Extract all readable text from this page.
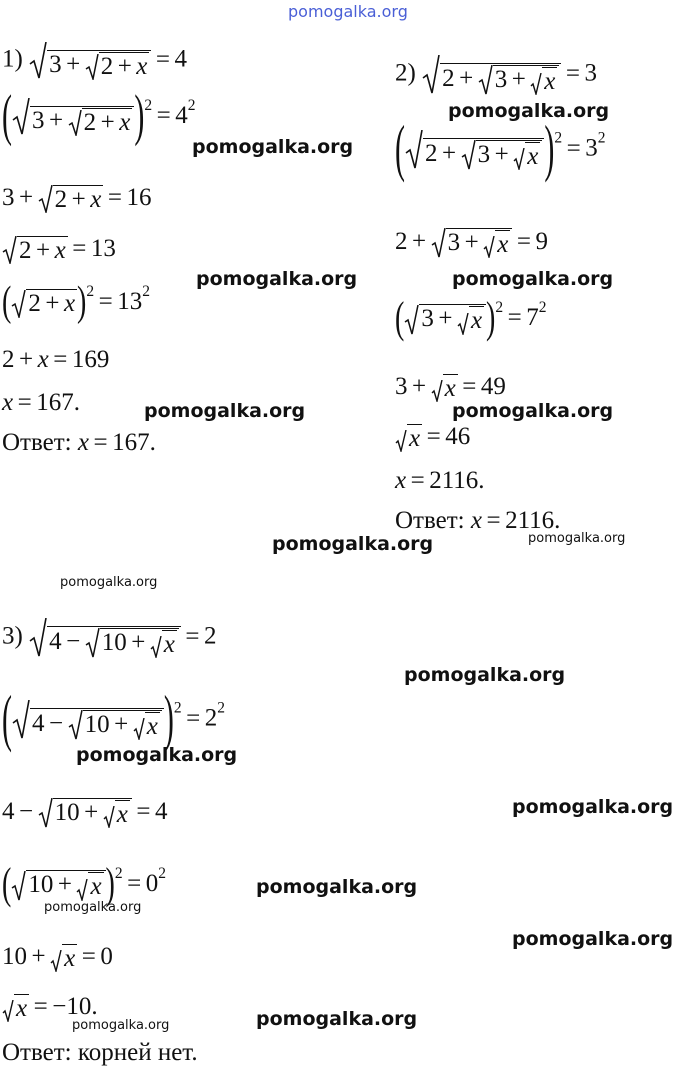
pomogalka.org
1) 3 + 2 + x = 4
( 3 + 2 + x )$^2 = 4^2$
3 + 2 + x = 16
2 + x = 13
( 2 + x )$^2 = 13^2$
2 + x = 169
x = 167.
Ответ: x = 167.
2) 2 + 3 + x = 3
( 2 + 3 + x )$^2 = 3^2$
2 + 3 + x = 9
( 3 + x )$^2 = 7^2$
3 + x = 49
x = 46
x = 2116.
Ответ: x = 2116.
3) 4 − 10 + x = 2
( 4 − 10 + x )$^2 = 2^2$
4 − 10 + x = 4
( 10 + x )$^2 = 0^2$
10 + x = 0
x = −10.
Ответ: корней нет.
pomogalka.org
pomogalka.org
pomogalka.org	pomogalka.org
pomogalka.org	pomogalka.org
pomogalka.org	pomogalka.org
pomogalka.org
pomogalka.org
pomogalka.org
pomogalka.org
pomogalka.org
pomogalka.org
pomogalka.org
pomogalka.org
pomogalka.org
